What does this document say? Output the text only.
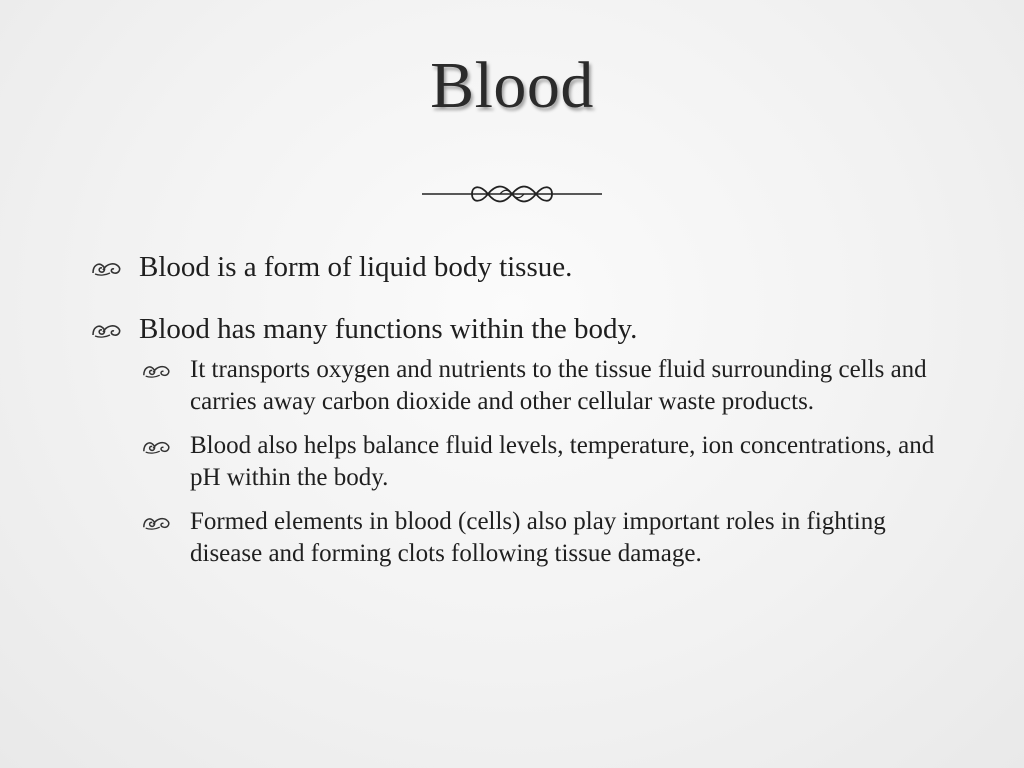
Blood
Blood is a form of liquid body tissue.
Blood has many functions within the body.
It transports oxygen and nutrients to the tissue fluid surrounding cells and carries away carbon dioxide and other cellular waste products.
Blood also helps balance fluid levels, temperature, ion concentrations, and pH within the body.
Formed elements in blood (cells) also play important roles in fighting disease and forming clots following tissue damage.
